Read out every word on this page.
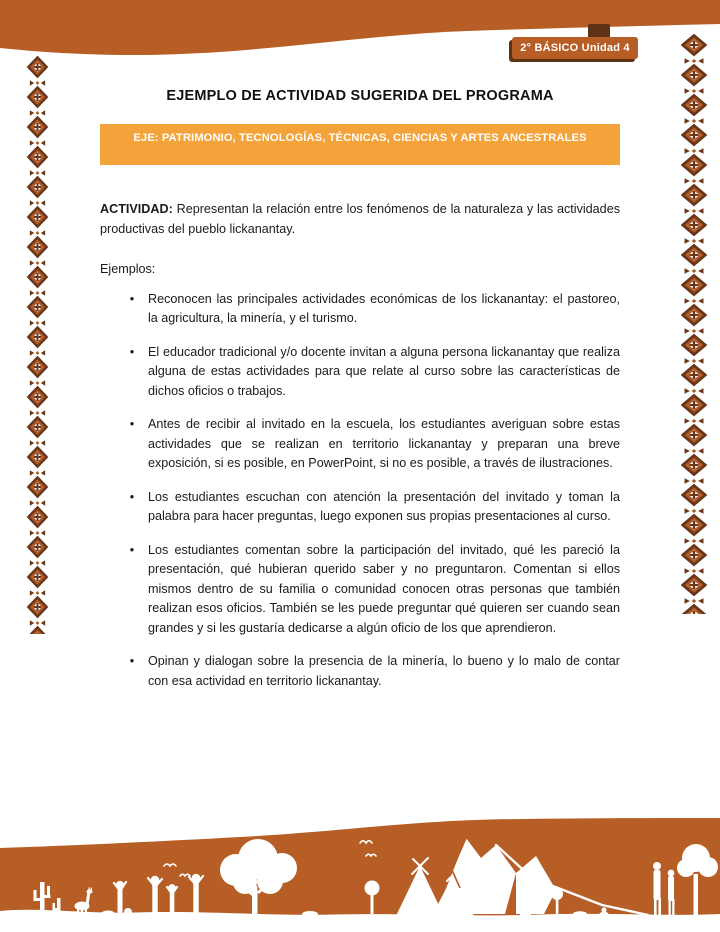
2° BÁSICO Unidad 4
EJEMPLO DE ACTIVIDAD SUGERIDA DEL PROGRAMA
EJE: PATRIMONIO, TECNOLOGÍAS, TÉCNICAS, CIENCIAS Y ARTES ANCESTRALES

ACTIVIDAD: Representan la relación entre los fenómenos de la naturaleza y las actividades productivas del pueblo lickanantay.

Ejemplos:

•	Reconocen las principales actividades económicas de los lickanantay: el pastoreo, la agricultura, la minería, y el turismo.

•	El educador tradicional y/o docente invitan a alguna persona lickanantay que realiza alguna de estas actividades para que relate al curso sobre las características de dichos oficios o trabajos.

•	Antes de recibir al invitado en la escuela, los estudiantes averiguan sobre estas actividades que se realizan en territorio lickanantay y preparan una breve exposición, si es posible, en PowerPoint, si no es posible, a través de ilustraciones.

•	Los estudiantes escuchan con atención la presentación del invitado y toman la palabra para hacer preguntas, luego exponen sus propias presentaciones al curso.

•	Los estudiantes comentan sobre la participación del invitado, qué les pareció la presentación, qué hubieran querido saber y no preguntaron. Comentan si ellos mismos dentro de su familia o comunidad conocen otras personas que también realizan esos oficios. También se les puede preguntar qué quieren ser cuando sean grandes y si les gustaría dedicarse a algún oficio de los que aprendieron.

•	Opinan y dialogan sobre la presencia de la minería, lo bueno y lo malo de contar con esa actividad en territorio lickanantay.
